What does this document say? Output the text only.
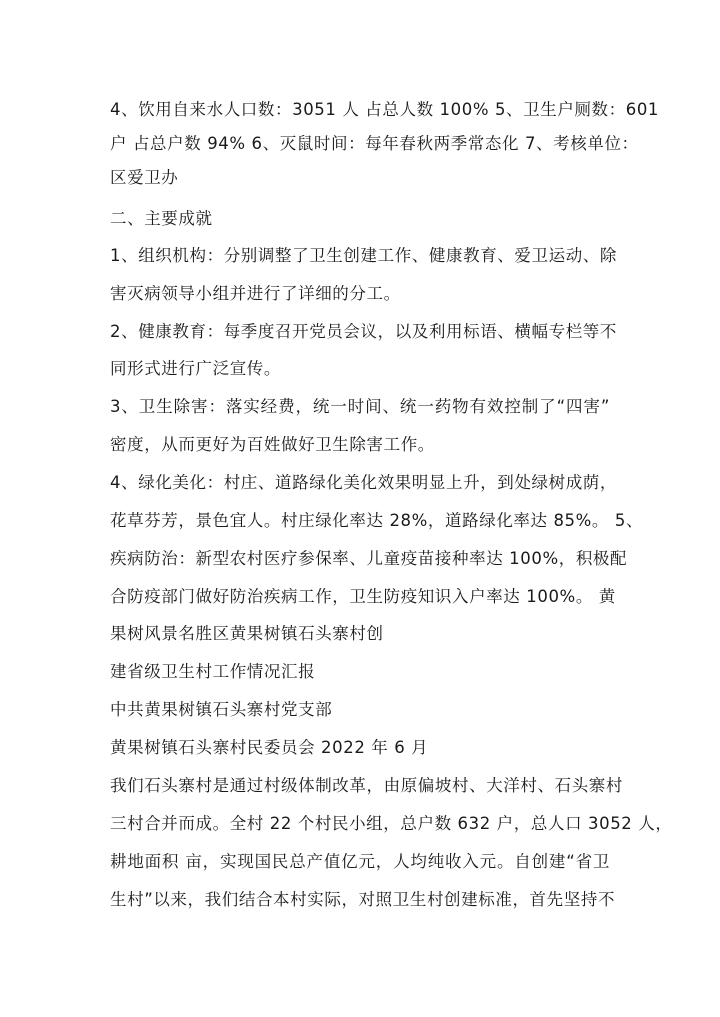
4、饮用自来水人口数：3051 人 占总人数 100% 5、卫生户厕数：601
户 占总户数 94% 6、灭鼠时间：每年春秋两季常态化 7、考核单位：
区爱卫办
二、主要成就
1、组织机构：分别调整了卫生创建工作、健康教育、爱卫运动、除
害灭病领导小组并进行了详细的分工。
2、健康教育：每季度召开党员会议，以及利用标语、横幅专栏等不
同形式进行广泛宣传。
3、卫生除害：落实经费，统一时间、统一药物有效控制了“四害”
密度，从而更好为百姓做好卫生除害工作。
4、绿化美化：村庄、道路绿化美化效果明显上升，到处绿树成荫，
花草芬芳，景色宜人。村庄绿化率达 28%，道路绿化率达 85%。 5、
疾病防治：新型农村医疗参保率、儿童疫苗接种率达 100%，积极配
合防疫部门做好防治疾病工作，卫生防疫知识入户率达 100%。 黄
果树风景名胜区黄果树镇石头寨村创
建省级卫生村工作情况汇报
中共黄果树镇石头寨村党支部
黄果树镇石头寨村民委员会 2022 年 6 月
我们石头寨村是通过村级体制改革，由原偏坡村、大洋村、石头寨村
三村合并而成。全村 22 个村民小组，总户数 632 户，总人口 3052 人，
耕地面积 亩，实现国民总产值亿元，人均纯收入元。自创建“省卫
生村”以来，我们结合本村实际，对照卫生村创建标准，首先坚持不
